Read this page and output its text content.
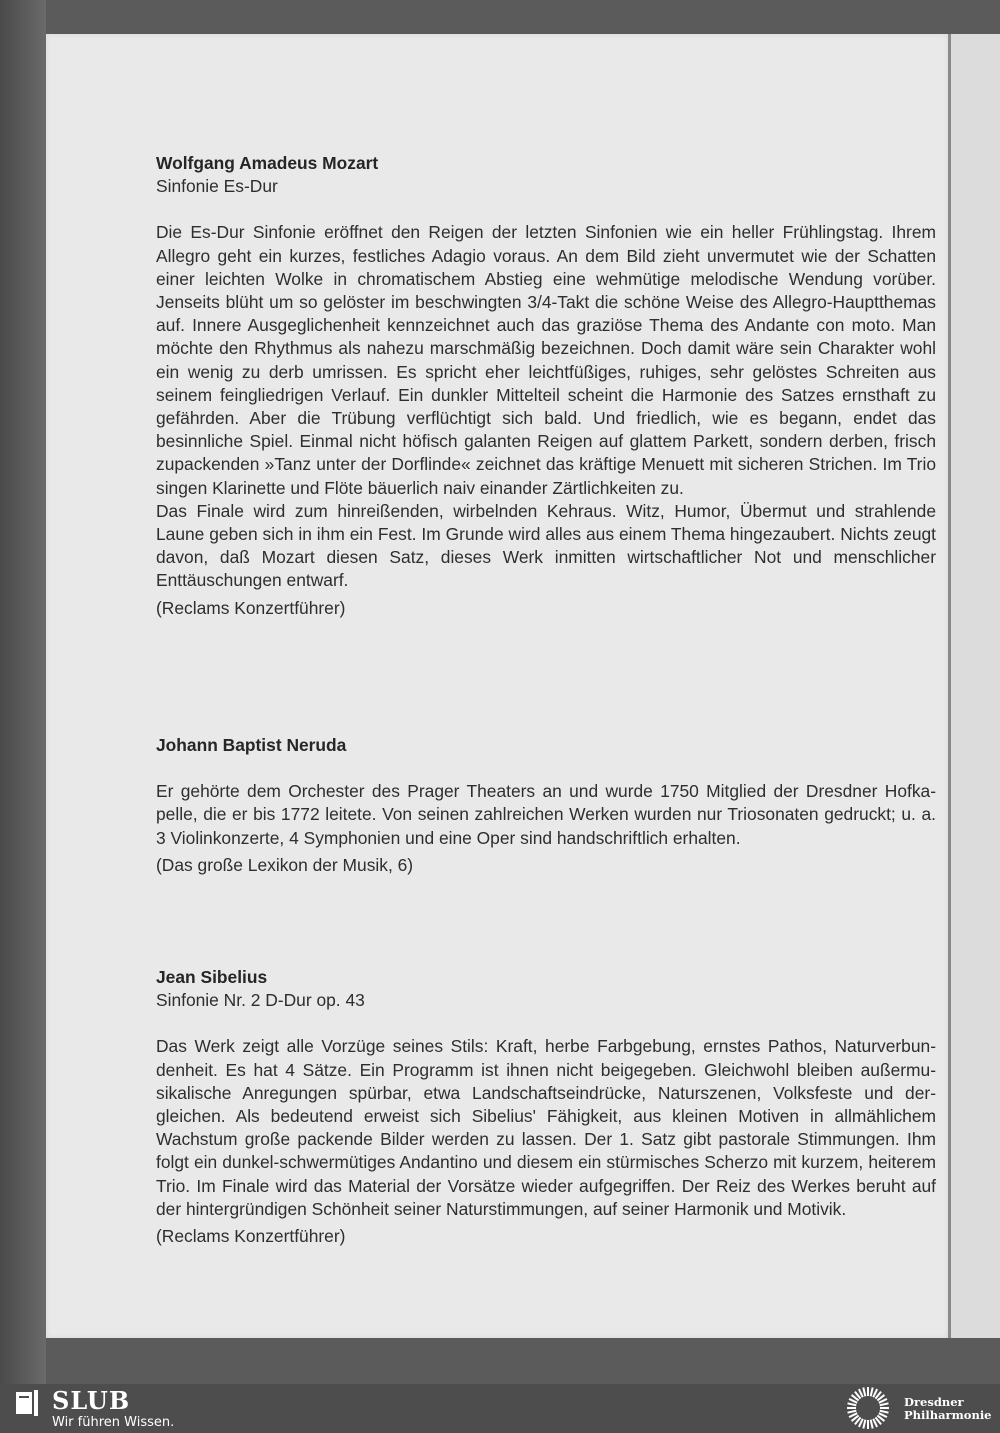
Wolfgang Amadeus Mozart

Sinfonie Es-Dur

Die Es-Dur Sinfonie eröffnet den Reigen der letzten Sinfonien wie ein heller Frühlingstag. Ihrem Allegro geht ein kurzes, festliches Adagio voraus. An dem Bild zieht unvermutet wie der Schatten einer leichten Wolke in chromatischem Abstieg eine wehmütige melodische Wendung vorüber. Jenseits blüht um so gelöster im beschwingten 3/4-Takt die schöne Weise des Allegro-Hauptthemas auf. Innere Ausgeglichenheit kennzeichnet auch das graziöse Thema des Andante con moto. Man möchte den Rhythmus als nahezu marschmäßig bezeichnen. Doch damit wäre sein Charakter wohl ein wenig zu derb umrissen. Es spricht eher leichtfüßiges, ruhiges, sehr gelöstes Schreiten aus seinem feingliedrigen Verlauf. Ein dunkler Mittelteil scheint die Harmonie des Satzes ernsthaft zu gefährden. Aber die Trübung verflüchtigt sich bald. Und friedlich, wie es begann, endet das besinnliche Spiel. Einmal nicht höfisch galanten Reigen auf glattem Parkett, sondern derben, frisch zupackenden »Tanz unter der Dorflinde« zeichnet das kräftige Menuett mit sicheren Strichen. Im Trio singen Klarinette und Flöte bäuerlich naiv einander Zärtlichkeiten zu.

Das Finale wird zum hinreißenden, wirbelnden Kehraus. Witz, Humor, Übermut und strahlende Laune geben sich in ihm ein Fest. Im Grunde wird alles aus einem Thema hingezaubert. Nichts zeugt davon, daß Mozart diesen Satz, dieses Werk inmitten wirtschaftlicher Not und menschlicher Enttäuschungen entwarf.

(Reclams Konzertführer)

Johann Baptist Neruda

Er gehörte dem Orchester des Prager Theaters an und wurde 1750 Mitglied der Dresdner Hofkapelle, die er bis 1772 leitete. Von seinen zahlreichen Werken wurden nur Triosonaten gedruckt; u. a. 3 Violinkonzerte, 4 Symphonien und eine Oper sind handschriftlich erhalten.

(Das große Lexikon der Musik, 6)

Jean Sibelius

Sinfonie Nr. 2 D-Dur op. 43

Das Werk zeigt alle Vorzüge seines Stils: Kraft, herbe Farbgebung, ernstes Pathos, Naturverbundenheit. Es hat 4 Sätze. Ein Programm ist ihnen nicht beigegeben. Gleichwohl bleiben außermusikalische Anregungen spürbar, etwa Landschaftseindrücke, Naturszenen, Volksfeste und dergleichen. Als bedeutend erweist sich Sibelius' Fähigkeit, aus kleinen Motiven in allmählichem Wachstum große packende Bilder werden zu lassen. Der 1. Satz gibt pastorale Stimmungen. Ihm folgt ein dunkel-schwermütiges Andantino und diesem ein stürmisches Scherzo mit kurzem, heiterem Trio. Im Finale wird das Material der Vorsätze wieder aufgegriffen. Der Reiz des Werkes beruht auf der hintergründigen Schönheit seiner Naturstimmungen, auf seiner Harmonik und Motivik.

(Reclams Konzertführer)

SLUB
Wir führen Wissen.
Dresdner
Philharmonie
